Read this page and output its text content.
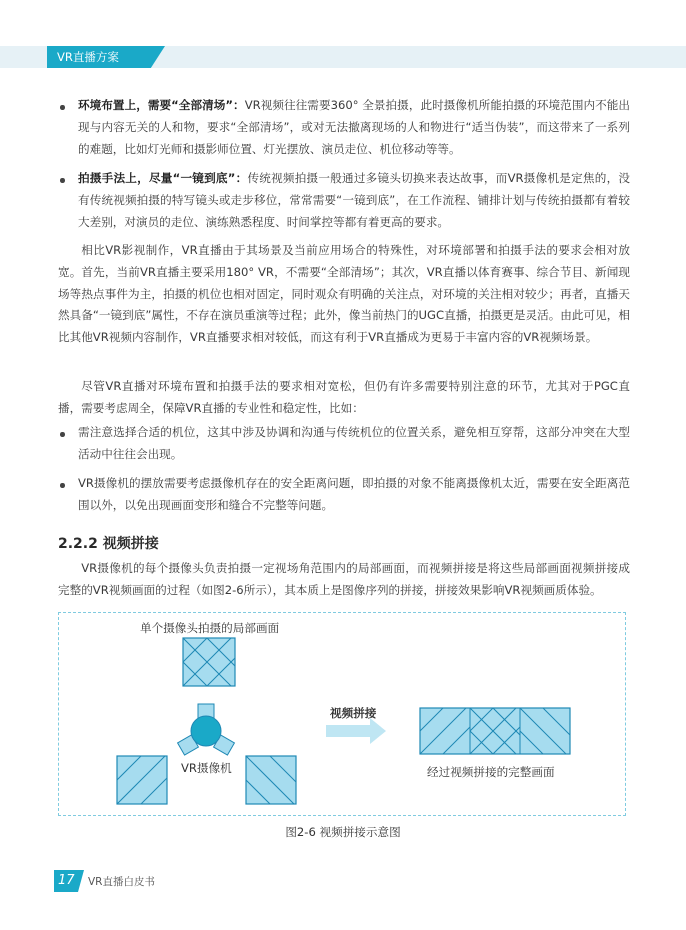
VR直播方案

环境布置上，需要“全部清场”：VR视频往往需要360° 全景拍摄，此时摄像机所能拍摄的环境范围内不能出现与内容无关的人和物，要求“全部清场”，或对无法撤离现场的人和物进行“适当伪装”，而这带来了一系列的难题，比如灯光师和摄影师位置、灯光摆放、演员走位、机位移动等等。

拍摄手法上，尽量“一镜到底”：传统视频拍摄一般通过多镜头切换来表达故事，而VR摄像机是定焦的，没有传统视频拍摄的特写镜头或走步移位，常常需要“一镜到底”，在工作流程、铺排计划与传统拍摄都有着较大差别，对演员的走位、演练熟悉程度、时间掌控等都有着更高的要求。

相比VR影视制作，VR直播由于其场景及当前应用场合的特殊性，对环境部署和拍摄手法的要求会相对放宽。首先，当前VR直播主要采用180° VR，不需要“全部清场”；其次，VR直播以体育赛事、综合节目、新闻现场等热点事件为主，拍摄的机位也相对固定，同时观众有明确的关注点，对环境的关注相对较少；再者，直播天然具备“一镜到底”属性，不存在演员重演等过程；此外，像当前热门的UGC直播，拍摄更是灵活。由此可见，相比其他VR视频内容制作，VR直播要求相对较低，而这有利于VR直播成为更易于丰富内容的VR视频场景。

尽管VR直播对环境布置和拍摄手法的要求相对宽松，但仍有许多需要特别注意的环节，尤其对于PGC直播，需要考虑周全，保障VR直播的专业性和稳定性，比如：

需注意选择合适的机位，这其中涉及协调和沟通与传统机位的位置关系，避免相互穿帮，这部分冲突在大型活动中往往会出现。

VR摄像机的摆放需要考虑摄像机存在的安全距离问题，即拍摄的对象不能离摄像机太近，需要在安全距离范围以外，以免出现画面变形和缝合不完整等问题。

2.2.2 视频拼接

VR摄像机的每个摄像头负责拍摄一定视场角范围内的局部画面，而视频拼接是将这些局部画面视频拼接成完整的VR视频画面的过程（如图2-6所示），其本质上是图像序列的拼接，拼接效果影响VR视频画质体验。

单个摄像头拍摄的局部画面
VR摄像机
视频拼接
经过视频拼接的完整画面
图2-6 视频拼接示意图
17 VR直播白皮书
